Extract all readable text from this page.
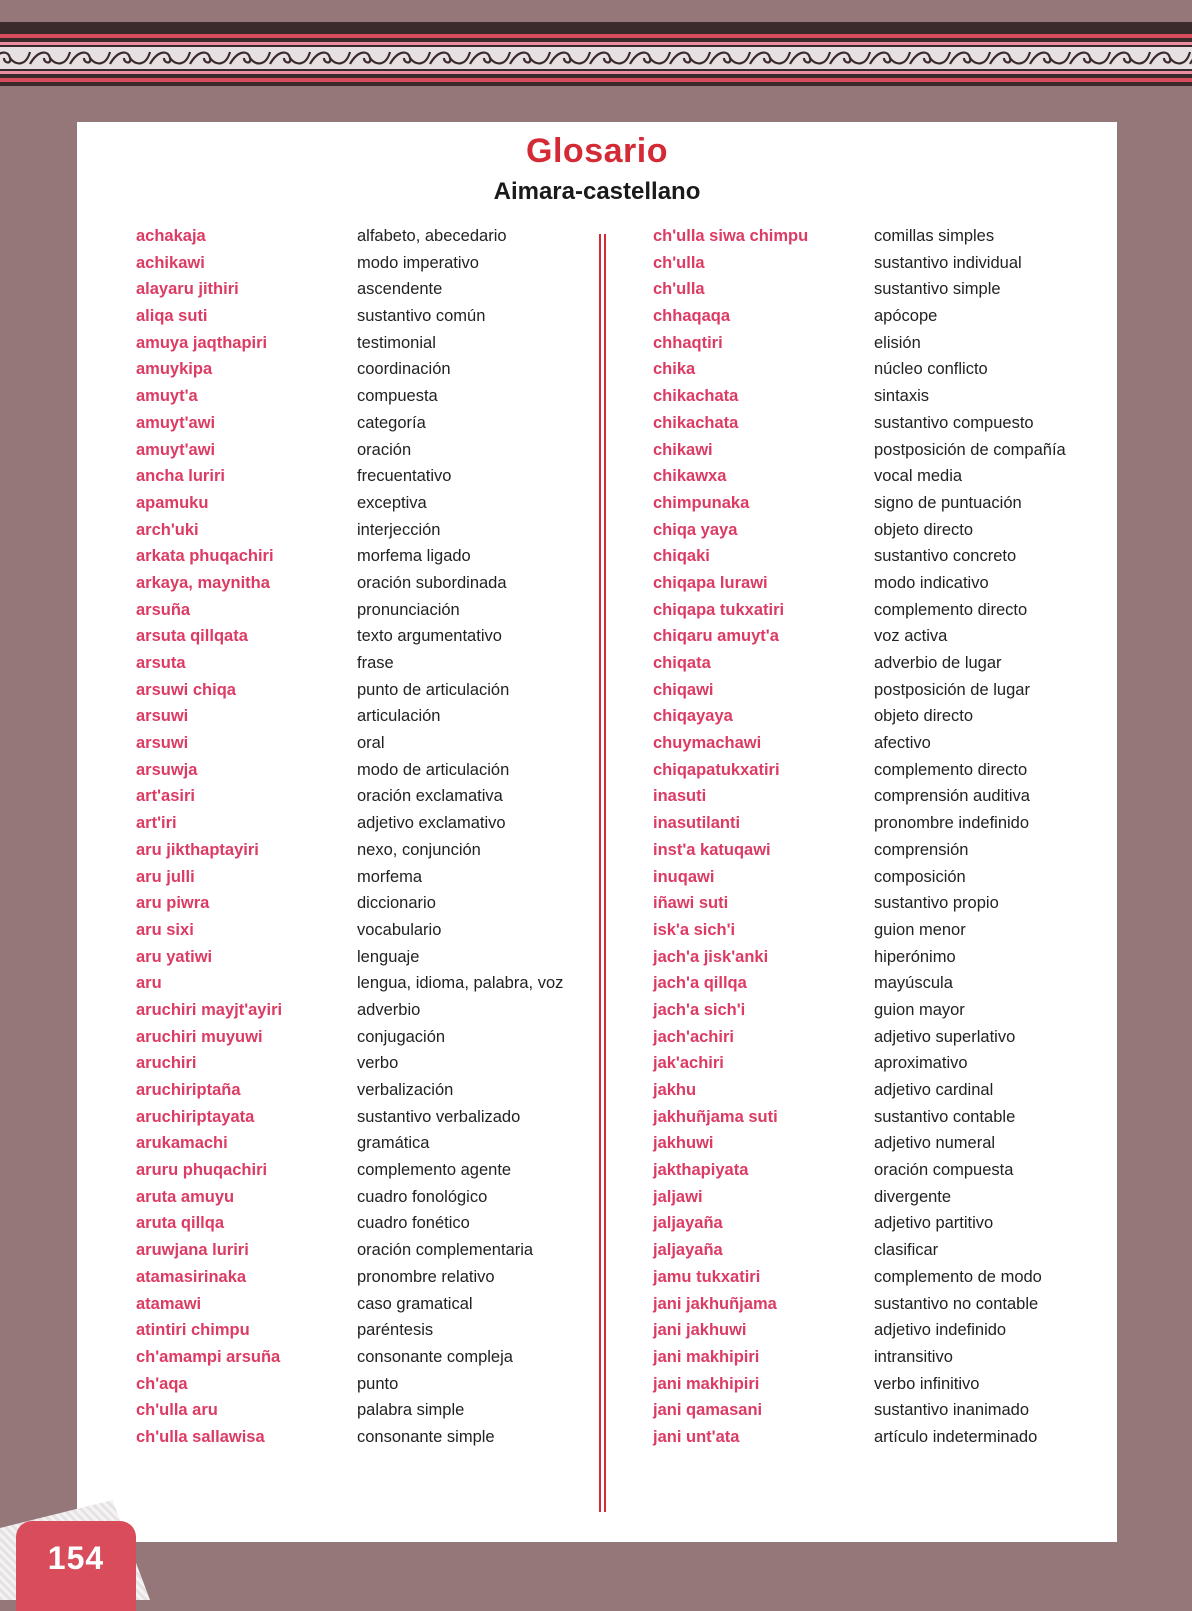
Glosario
Aimara-castellano
achakaja	alfabeto, abecedario
achikawi	modo imperativo
alayaru jithiri	ascendente
aliqa suti	sustantivo común
amuya jaqthapiri	testimonial
amuykipa	coordinación
amuyt'a	compuesta
amuyt'awi	categoría
amuyt'awi	oración
ancha luriri	frecuentativo
apamuku	exceptiva
arch'uki	interjección
arkata phuqachiri	morfema ligado
arkaya, maynitha	oración subordinada
arsuña	pronunciación
arsuta qillqata	texto argumentativo
arsuta	frase
arsuwi chiqa	punto de articulación
arsuwi	articulación
arsuwi	oral
arsuwja	modo de articulación
art'asiri	oración exclamativa
art'iri	adjetivo exclamativo
aru jikthaptayiri	nexo, conjunción
aru julli	morfema
aru piwra	diccionario
aru sixi	vocabulario
aru yatiwi	lenguaje
aru	lengua, idioma, palabra, voz
aruchiri mayjt'ayiri	adverbio
aruchiri muyuwi	conjugación
aruchiri	verbo
aruchiriptaña	verbalización
aruchiriptayata	sustantivo verbalizado
arukamachi	gramática
aruru phuqachiri	complemento agente
aruta amuyu	cuadro fonológico
aruta qillqa	cuadro fonético
aruwjana luriri	oración complementaria
atamasirinaka	pronombre relativo
atamawi	caso gramatical
atintiri chimpu	paréntesis
ch'amampi arsuña	consonante compleja
ch'aqa	punto
ch'ulla aru	palabra simple
ch'ulla sallawisa	consonante simple
ch'ulla siwa chimpu	comillas simples
ch'ulla	sustantivo individual
ch'ulla	sustantivo simple
chhaqaqa	apócope
chhaqtiri	elisión
chika	núcleo conflicto
chikachata	sintaxis
chikachata	sustantivo compuesto
chikawi	postposición de compañía
chikawxa	vocal media
chimpunaka	signo de puntuación
chiqa yaya	objeto directo
chiqaki	sustantivo concreto
chiqapa lurawi	modo indicativo
chiqapa tukxatiri	complemento directo
chiqaru amuyt'a	voz activa
chiqata	adverbio de lugar
chiqawi	postposición de lugar
chiqayaya	objeto directo
chuymachawi	afectivo
chiqapatukxatiri	complemento directo
inasuti	comprensión auditiva
inasutilanti	pronombre indefinido
inst'a katuqawi	comprensión
inuqawi	composición
iñawi suti	sustantivo propio
isk'a sich'i	guion menor
jach'a jisk'anki	hiperónimo
jach'a qillqa	mayúscula
jach'a sich'i	guion mayor
jach'achiri	adjetivo superlativo
jak'achiri	aproximativo
jakhu	adjetivo cardinal
jakhuñjama suti	sustantivo contable
jakhuwi	adjetivo numeral
jakthapiyata	oración compuesta
jaljawi	divergente
jaljayaña	adjetivo partitivo
jaljayaña	clasificar
jamu tukxatiri	complemento de modo
jani jakhuñjama	sustantivo no contable
jani jakhuwi	adjetivo indefinido
jani makhipiri	intransitivo
jani makhipiri	verbo infinitivo
jani qamasani	sustantivo inanimado
jani unt'ata	artículo indeterminado
154
